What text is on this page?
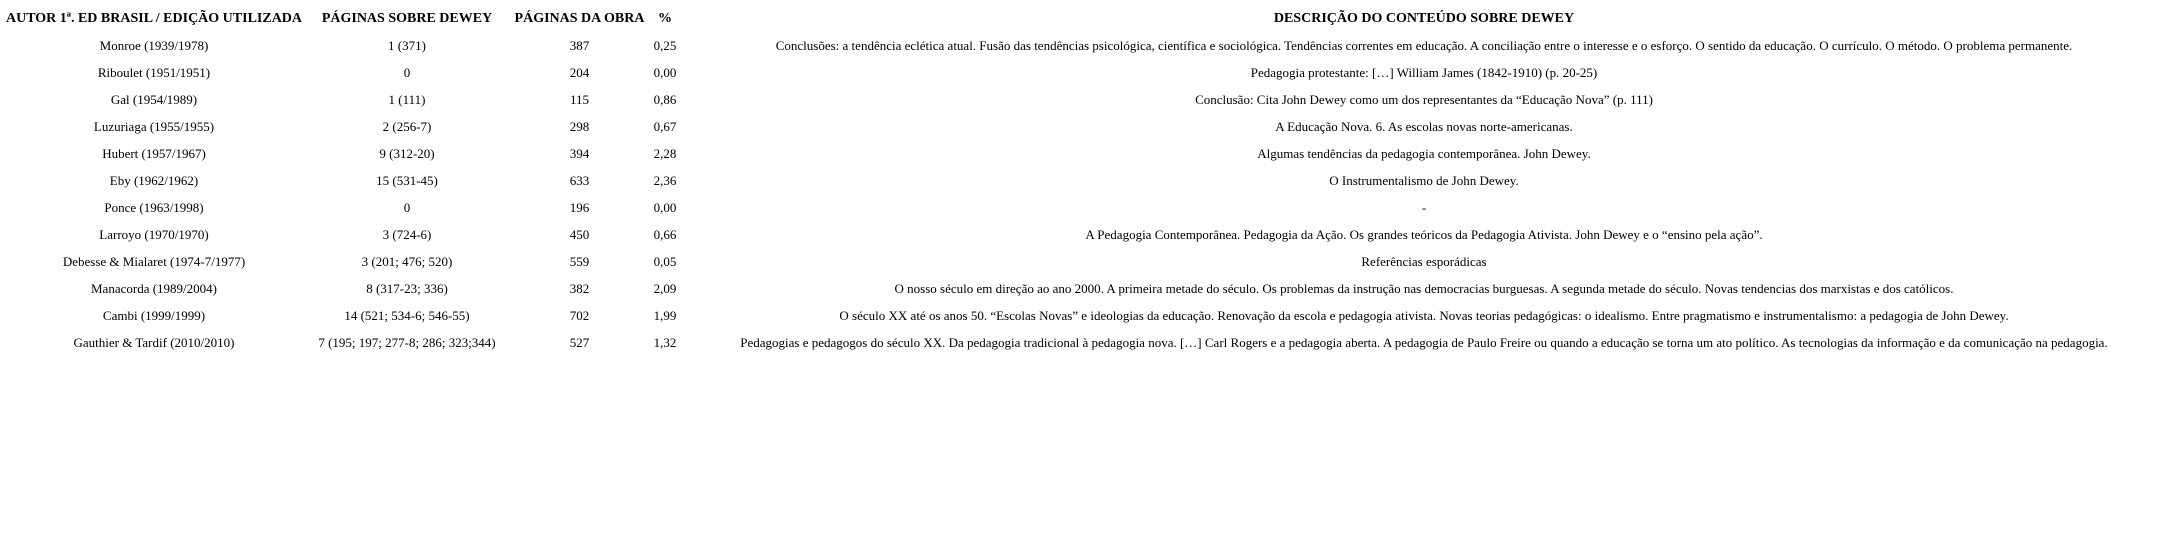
AUTOR 1ª. ED BRASIL / EDIÇÃO UTILIZADA	PÁGINAS SOBRE DEWEY	PÁGINAS DA OBRA	%	DESCRIÇÃO DO CONTEÚDO SOBRE DEWEY
Monroe (1939/1978)	1 (371)	387	0,25	Conclusões: a tendência eclética atual. Fusão das tendências psicológica, científica e sociológica. Tendências correntes em educação. A conciliação entre o interesse e o esforço. O sentido da educação. O currículo. O método. O problema permanente.
Riboulet (1951/1951)	0	204	0,00	Pedagogia protestante: […] William James (1842-1910) (p. 20-25)
Gal (1954/1989)	1 (111)	115	0,86	Conclusão: Cita John Dewey como um dos representantes da “Educação Nova” (p. 111)
Luzuriaga (1955/1955)	2 (256-7)	298	0,67	A Educação Nova. 6. As escolas novas norte-americanas.
Hubert (1957/1967)	9 (312-20)	394	2,28	Algumas tendências da pedagogia contemporânea. John Dewey.
Eby (1962/1962)	15 (531-45)	633	2,36	O Instrumentalismo de John Dewey.
Ponce (1963/1998)	0	196	0,00	-
Larroyo (1970/1970)	3 (724-6)	450	0,66	A Pedagogia Contemporânea. Pedagogia da Ação. Os grandes teóricos da Pedagogia Ativista. John Dewey e o “ensino pela ação”.
Debesse & Mialaret (1974-7/1977)	3 (201; 476; 520)	559	0,05	Referências esporádicas
Manacorda (1989/2004)	8 (317-23; 336)	382	2,09	O nosso século em direção ao ano 2000. A primeira metade do século. Os problemas da instrução nas democracias burguesas. A segunda metade do século. Novas tendencias dos marxistas e dos católicos.
Cambi (1999/1999)	14 (521; 534-6; 546-55)	702	1,99	O século XX até os anos 50. “Escolas Novas” e ideologias da educação. Renovação da escola e pedagogia ativista. Novas teorias pedagógicas: o idealismo. Entre pragmatismo e instrumentalismo: a pedagogia de John Dewey.
Gauthier & Tardif (2010/2010)	7 (195; 197; 277-8; 286; 323;344)	527	1,32	Pedagogias e pedagogos do século XX. Da pedagogia tradicional à pedagogia nova. […] Carl Rogers e a pedagogia aberta. A pedagogia de Paulo Freire ou quando a educação se torna um ato político. As tecnologias da informação e da comunicação na pedagogia.
